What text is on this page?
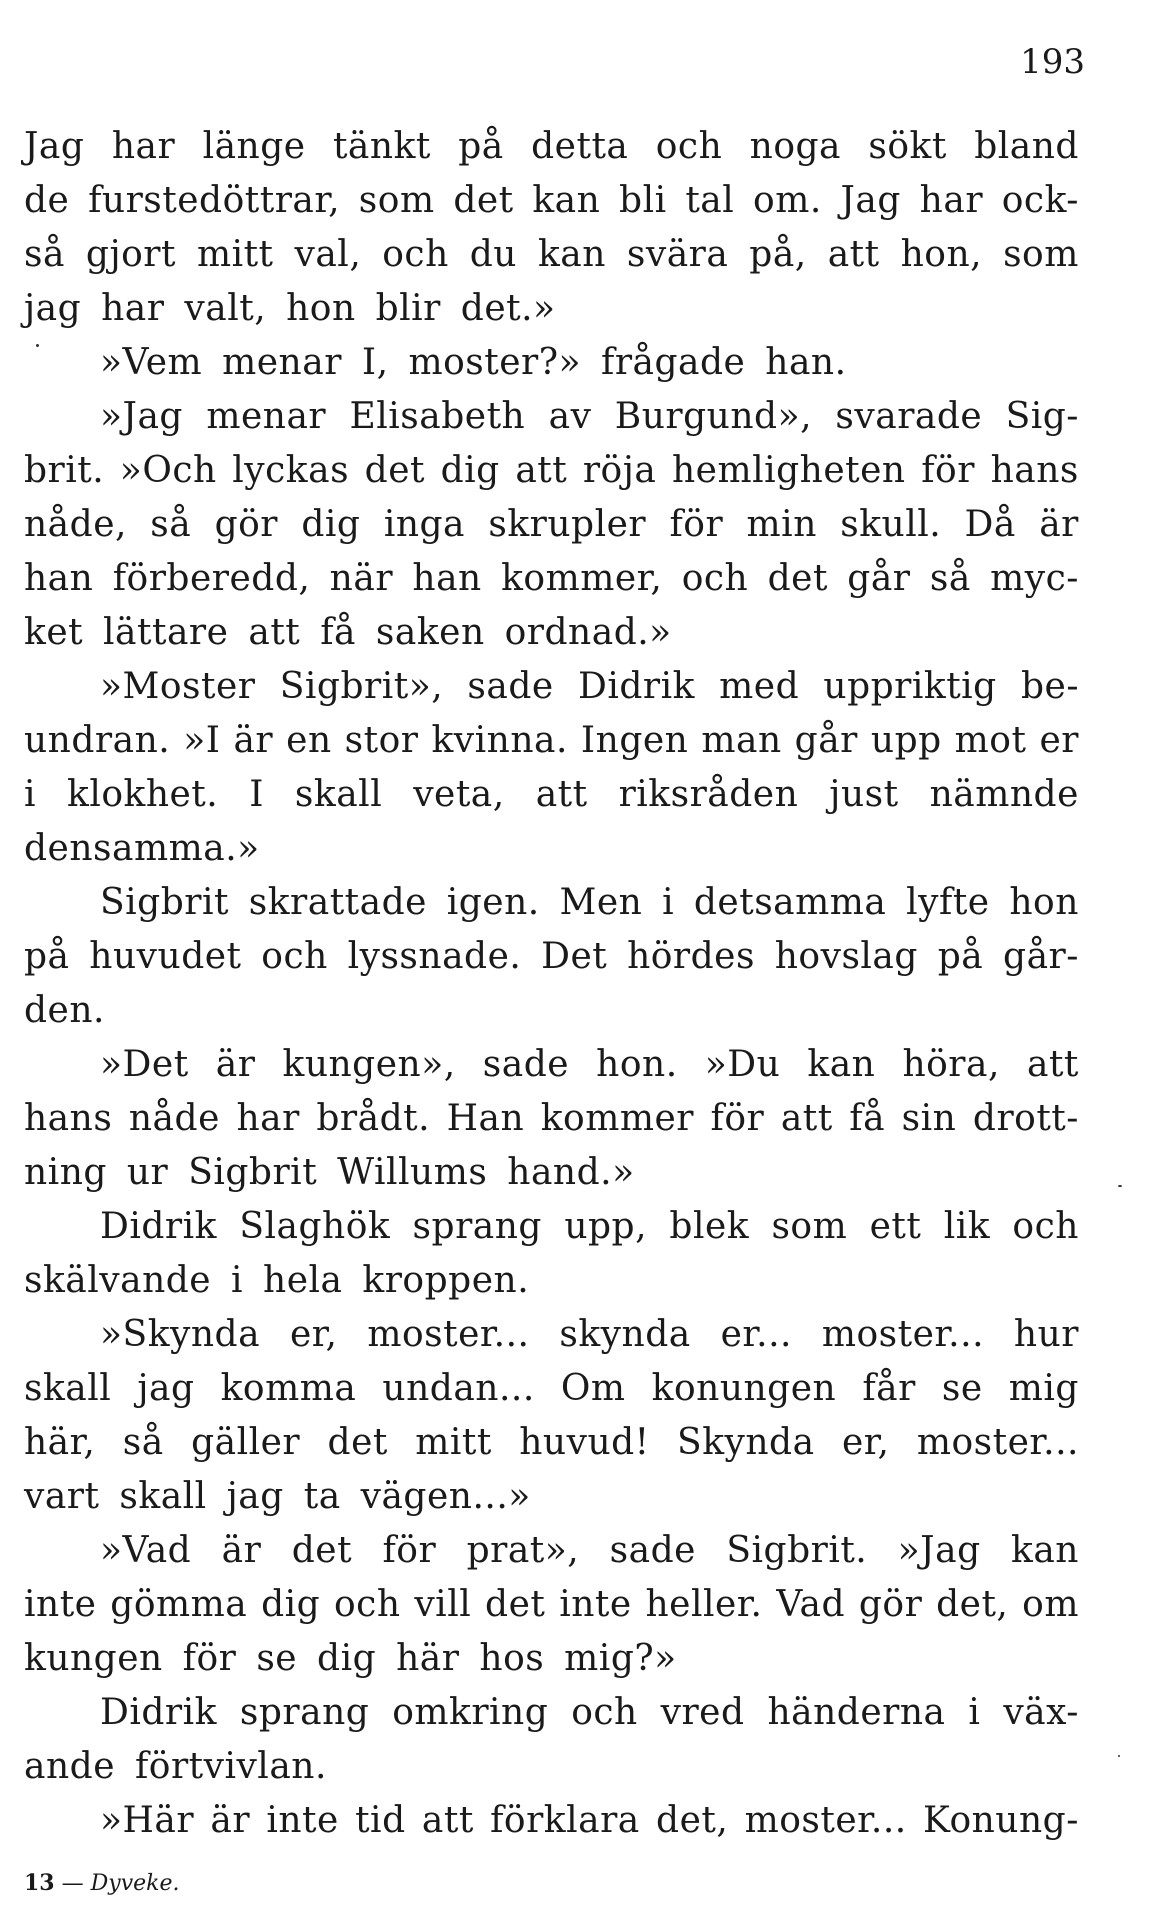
193

Jag har länge tänkt på detta och noga sökt bland
de furstedöttrar, som det kan bli tal om. Jag har ock-
så gjort mitt val, och du kan svära på, att hon, som
jag har valt, hon blir det.»
»Vem menar I, moster?» frågade han.
»Jag menar Elisabeth av Burgund», svarade Sig-
brit. »Och lyckas det dig att röja hemligheten för hans
nåde, så gör dig inga skrupler för min skull. Då är
han förberedd, när han kommer, och det går så myc-
ket lättare att få saken ordnad.»
»Moster Sigbrit», sade Didrik med uppriktig be-
undran. »I är en stor kvinna. Ingen man går upp mot er
i klokhet. I skall veta, att riksråden just nämnde
densamma.»
Sigbrit skrattade igen. Men i detsamma lyfte hon
på huvudet och lyssnade. Det hördes hovslag på går-
den.
»Det är kungen», sade hon. »Du kan höra, att
hans nåde har brådt. Han kommer för att få sin drott-
ning ur Sigbrit Willums hand.»
Didrik Slaghök sprang upp, blek som ett lik och
skälvande i hela kroppen.
»Skynda er, moster... skynda er... moster... hur
skall jag komma undan... Om konungen får se mig
här, så gäller det mitt huvud! Skynda er, moster...
vart skall jag ta vägen...»
»Vad är det för prat», sade Sigbrit. »Jag kan
inte gömma dig och vill det inte heller. Vad gör det, om
kungen för se dig här hos mig?»
Didrik sprang omkring och vred händerna i väx-
ande förtvivlan.
»Här är inte tid att förklara det, moster... Konung-
13 — Dyveke.
